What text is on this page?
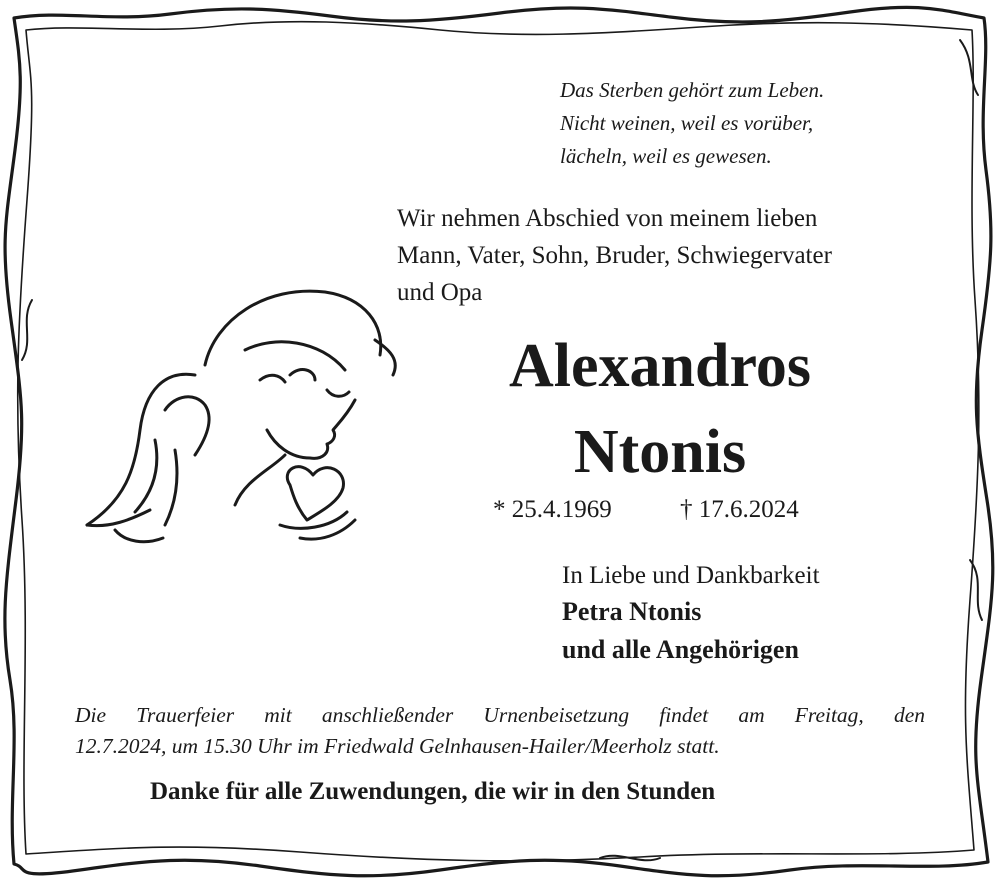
Das Sterben gehört zum Leben.
Nicht weinen, weil es vorüber,
lächeln, weil es gewesen.
Wir nehmen Abschied von meinem lieben
Mann, Vater, Sohn, Bruder, Schwiegervater
und Opa
Alexandros
Ntonis
* 25.4.1969	† 17.6.2024
In Liebe und Dankbarkeit
Petra Ntonis
und alle Angehörigen
Die Trauerfeier mit anschließender Urnenbeisetzung findet am Freitag, den
12.7.2024, um 15.30 Uhr im Friedwald Gelnhausen-Hailer/Meerholz statt.
Danke für alle Zuwendungen, die wir in den Stunden
